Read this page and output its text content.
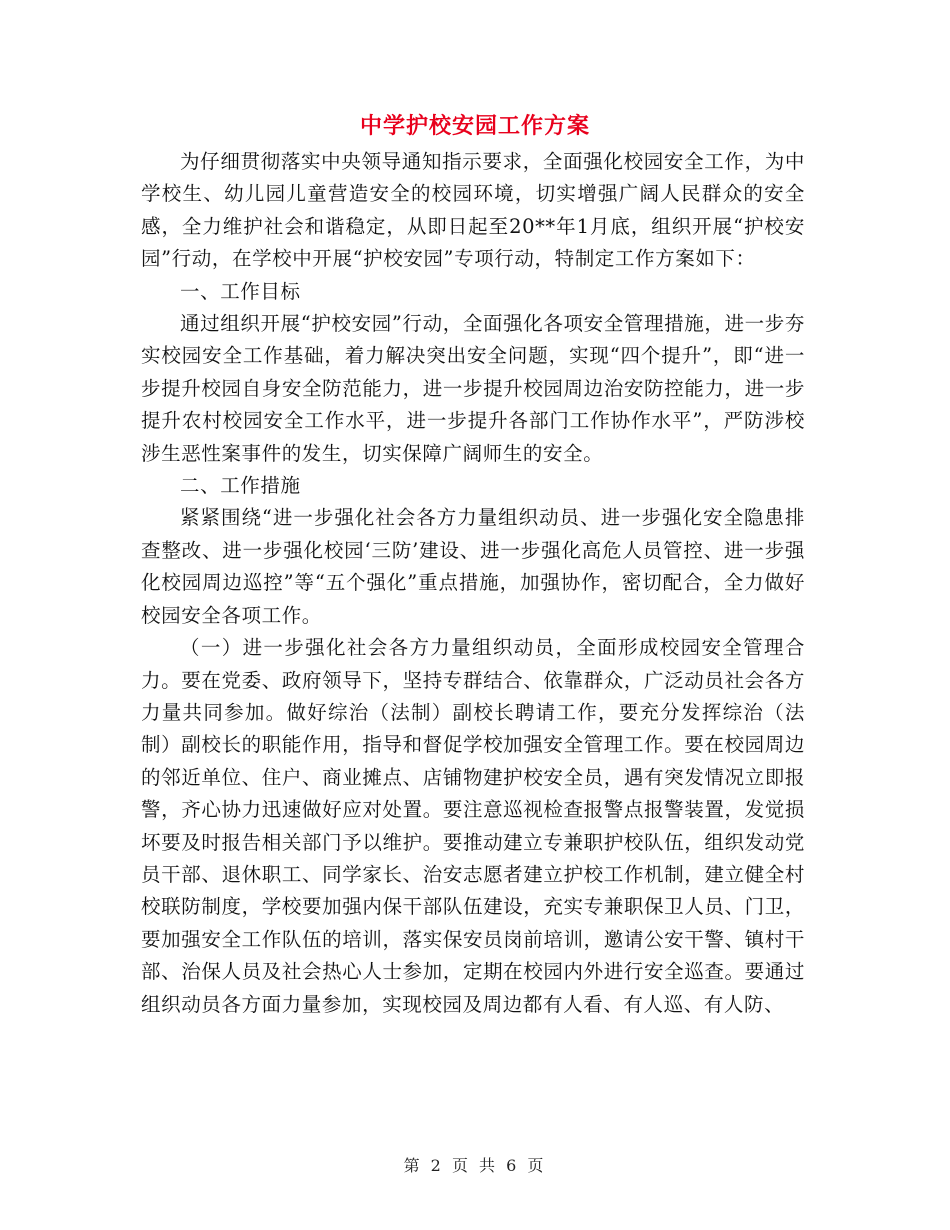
中学护校安园工作方案

为仔细贯彻落实中央领导通知指示要求，全面强化校园安全工作，为中学校生、幼儿园儿童营造安全的校园环境，切实增强广阔人民群众的安全感，全力维护社会和谐稳定，从即日起至20**年1月底，组织开展“护校安园”行动，在学校中开展“护校安园”专项行动，特制定工作方案如下：

一、工作目标

通过组织开展“护校安园”行动，全面强化各项安全管理措施，进一步夯实校园安全工作基础，着力解决突出安全问题，实现“四个提升”，即“进一步提升校园自身安全防范能力，进一步提升校园周边治安防控能力，进一步提升农村校园安全工作水平，进一步提升各部门工作协作水平”，严防涉校涉生恶性案事件的发生，切实保障广阔师生的安全。

二、工作措施

紧紧围绕“进一步强化社会各方力量组织动员、进一步强化安全隐患排查整改、进一步强化校园‘三防’建设、进一步强化高危人员管控、进一步强化校园周边巡控”等“五个强化”重点措施，加强协作，密切配合，全力做好校园安全各项工作。

（一）进一步强化社会各方力量组织动员，全面形成校园安全管理合力。要在党委、政府领导下，坚持专群结合、依靠群众，广泛动员社会各方力量共同参加。做好综治（法制）副校长聘请工作，要充分发挥综治（法制）副校长的职能作用，指导和督促学校加强安全管理工作。要在校园周边的邻近单位、住户、商业摊点、店铺物建护校安全员，遇有突发情况立即报警，齐心协力迅速做好应对处置。要注意巡视检查报警点报警装置，发觉损坏要及时报告相关部门予以维护。要推动建立专兼职护校队伍，组织发动党员干部、退休职工、同学家长、治安志愿者建立护校工作机制，建立健全村校联防制度，学校要加强内保干部队伍建设，充实专兼职保卫人员、门卫，要加强安全工作队伍的培训，落实保安员岗前培训，邀请公安干警、镇村干部、治保人员及社会热心人士参加，定期在校园内外进行安全巡查。要通过组织动员各方面力量参加，实现校园及周边都有人看、有人巡、有人防、

第 2 页 共 6 页
